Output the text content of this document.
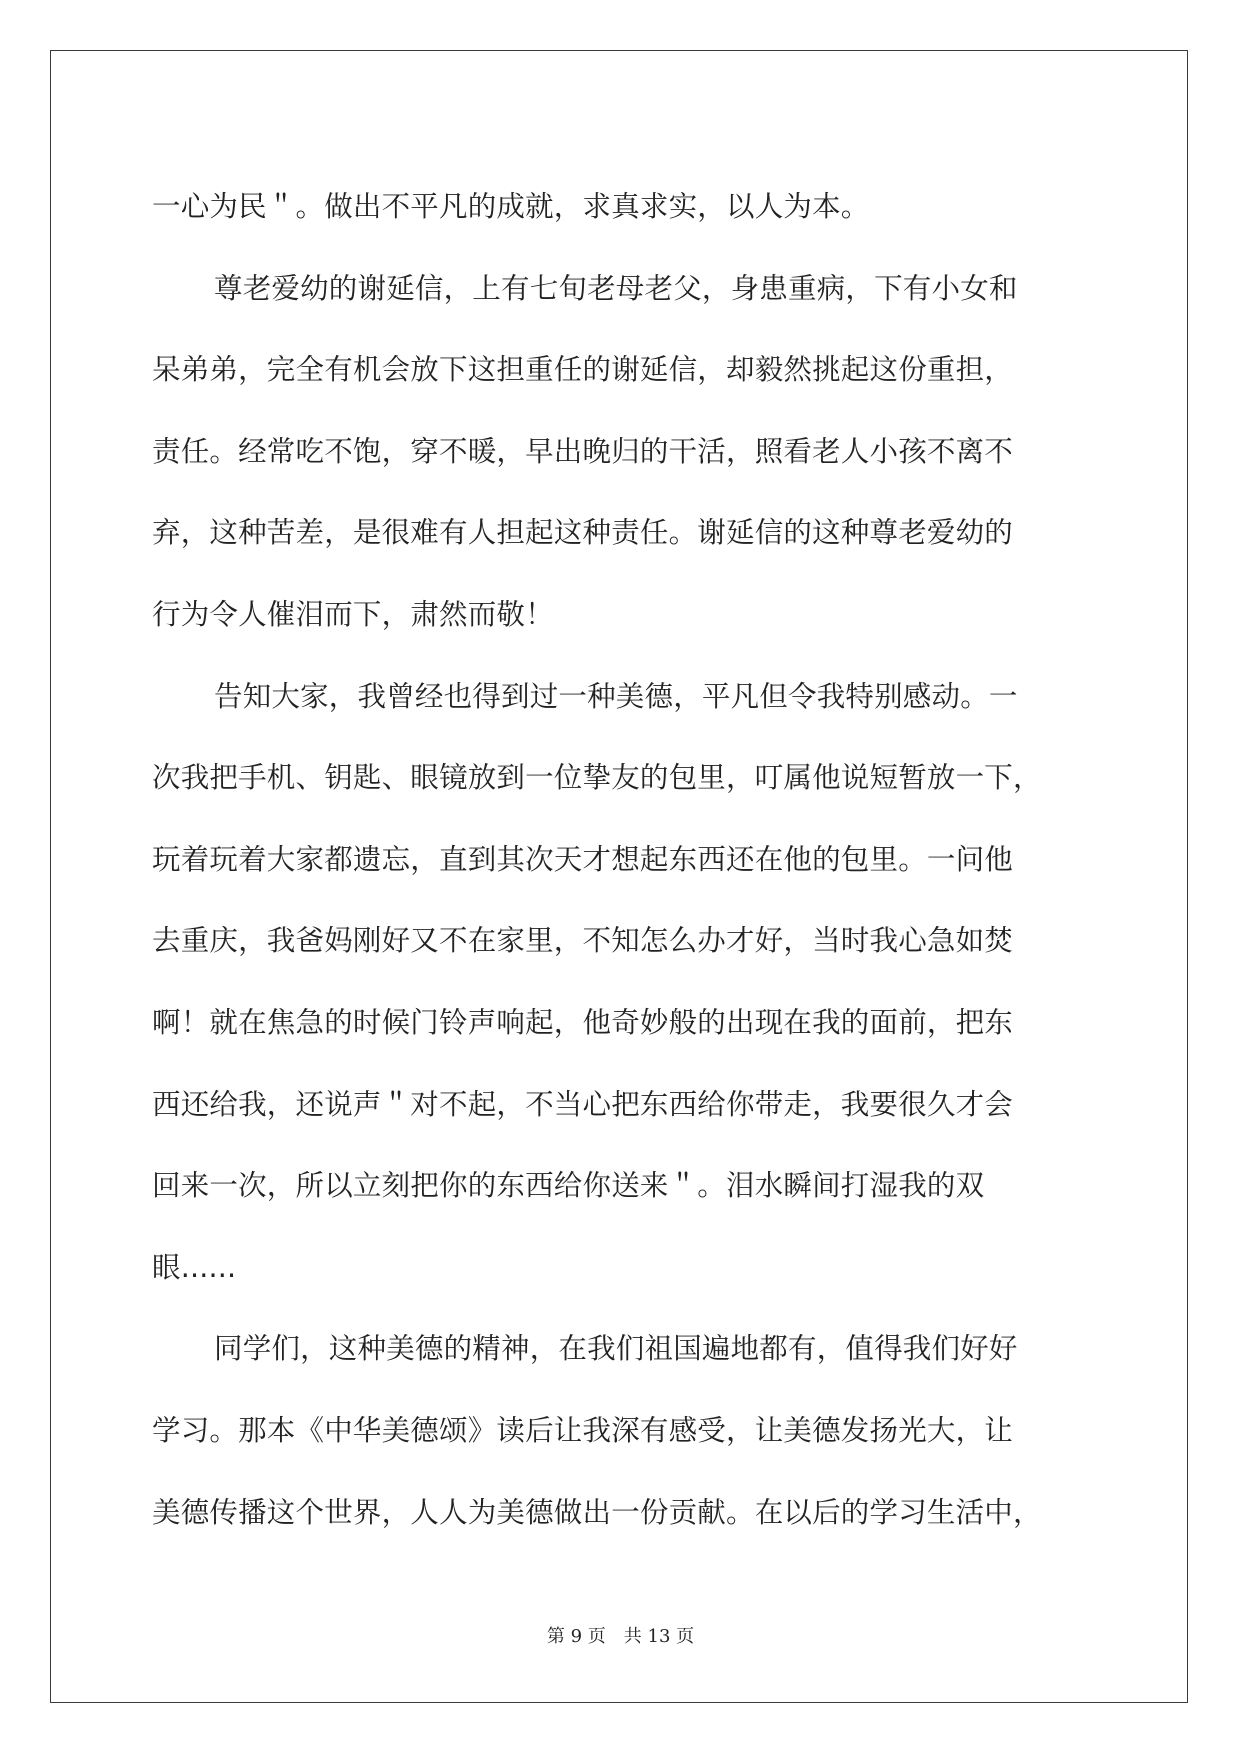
一心为民＂。做出不平凡的成就，求真求实，以人为本。
尊老爱幼的谢延信，上有七旬老母老父，身患重病，下有小女和
呆弟弟，完全有机会放下这担重任的谢延信，却毅然挑起这份重担，
责任。经常吃不饱，穿不暖，早出晚归的干活，照看老人小孩不离不
弃，这种苦差，是很难有人担起这种责任。谢延信的这种尊老爱幼的
行为令人催泪而下，肃然而敬！
告知大家，我曾经也得到过一种美德，平凡但令我特别感动。一
次我把手机、钥匙、眼镜放到一位挚友的包里，叮属他说短暂放一下，
玩着玩着大家都遗忘，直到其次天才想起东西还在他的包里。一问他
去重庆，我爸妈刚好又不在家里，不知怎么办才好，当时我心急如焚
啊！就在焦急的时候门铃声响起，他奇妙般的出现在我的面前，把东
西还给我，还说声＂对不起，不当心把东西给你带走，我要很久才会
回来一次，所以立刻把你的东西给你送来＂。泪水瞬间打湿我的双
眼......
同学们，这种美德的精神，在我们祖国遍地都有，值得我们好好
学习。那本《中华美德颂》读后让我深有感受，让美德发扬光大，让
美德传播这个世界，人人为美德做出一份贡献。在以后的学习生活中，
第 9 页 共 13 页
